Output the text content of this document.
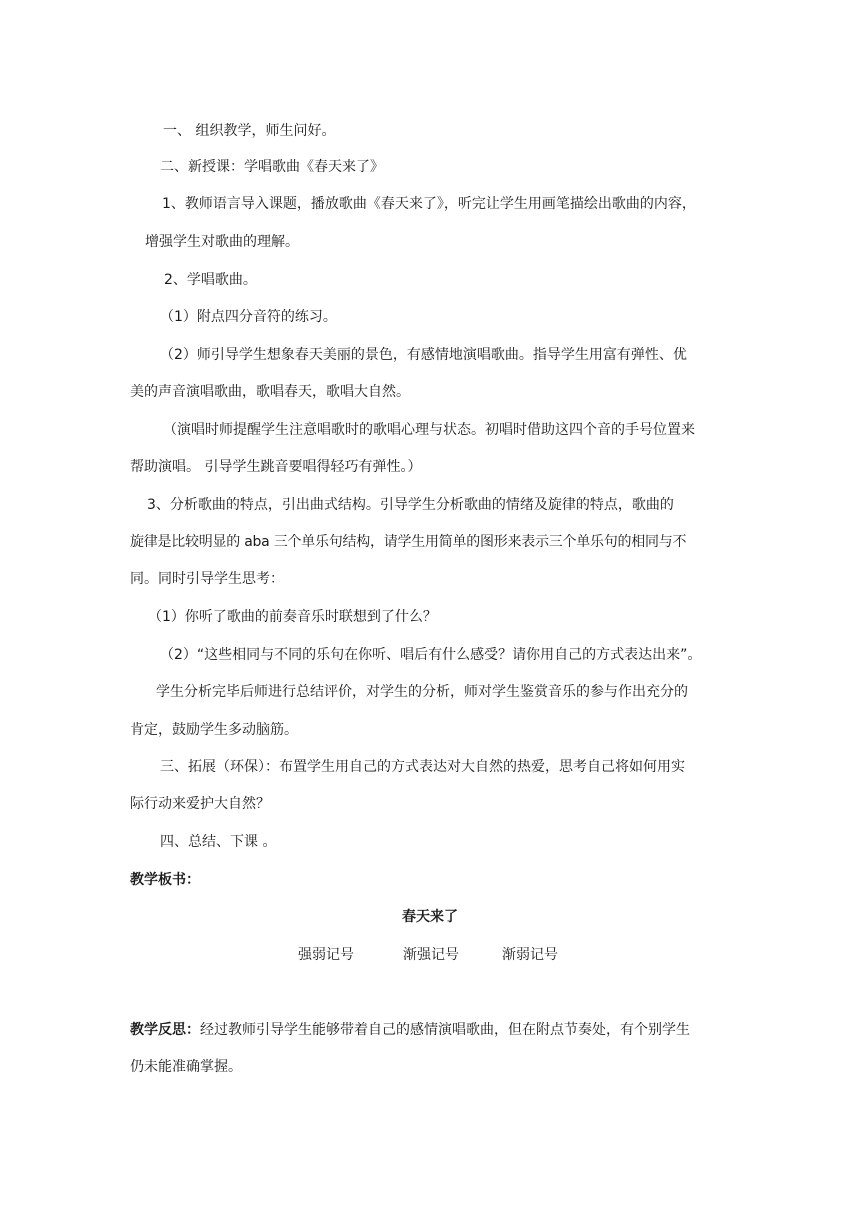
一、 组织教学，师生问好。
二、新授课：学唱歌曲《春天来了》
1、教师语言导入课题，播放歌曲《春天来了》，听完让学生用画笔描绘出歌曲的内容，
增强学生对歌曲的理解。
2、学唱歌曲。
（1）附点四分音符的练习。
（2）师引导学生想象春天美丽的景色，有感情地演唱歌曲。指导学生用富有弹性、优
美的声音演唱歌曲，歌唱春天，歌唱大自然。
（演唱时师提醒学生注意唱歌时的歌唱心理与状态。初唱时借助这四个音的手号位置来
帮助演唱。 引导学生跳音要唱得轻巧有弹性。）
3、分析歌曲的特点，引出曲式结构。引导学生分析歌曲的情绪及旋律的特点，歌曲的
旋律是比较明显的 aba 三个单乐句结构，请学生用简单的图形来表示三个单乐句的相同与不
同。同时引导学生思考：
（1）你听了歌曲的前奏音乐时联想到了什么？
（2）“这些相同与不同的乐句在你听、唱后有什么感受？请你用自己的方式表达出来”。
学生分析完毕后师进行总结评价，对学生的分析，师对学生鉴赏音乐的参与作出充分的
肯定，鼓励学生多动脑筋。
三、拓展（环保）：布置学生用自己的方式表达对大自然的热爱，思考自己将如何用实
际行动来爱护大自然？
四、总结、下课 。
教学板书：
春天来了
强弱记号	渐强记号	渐弱记号
教学反思：经过教师引导学生能够带着自己的感情演唱歌曲，但在附点节奏处，有个别学生
仍未能准确掌握。
